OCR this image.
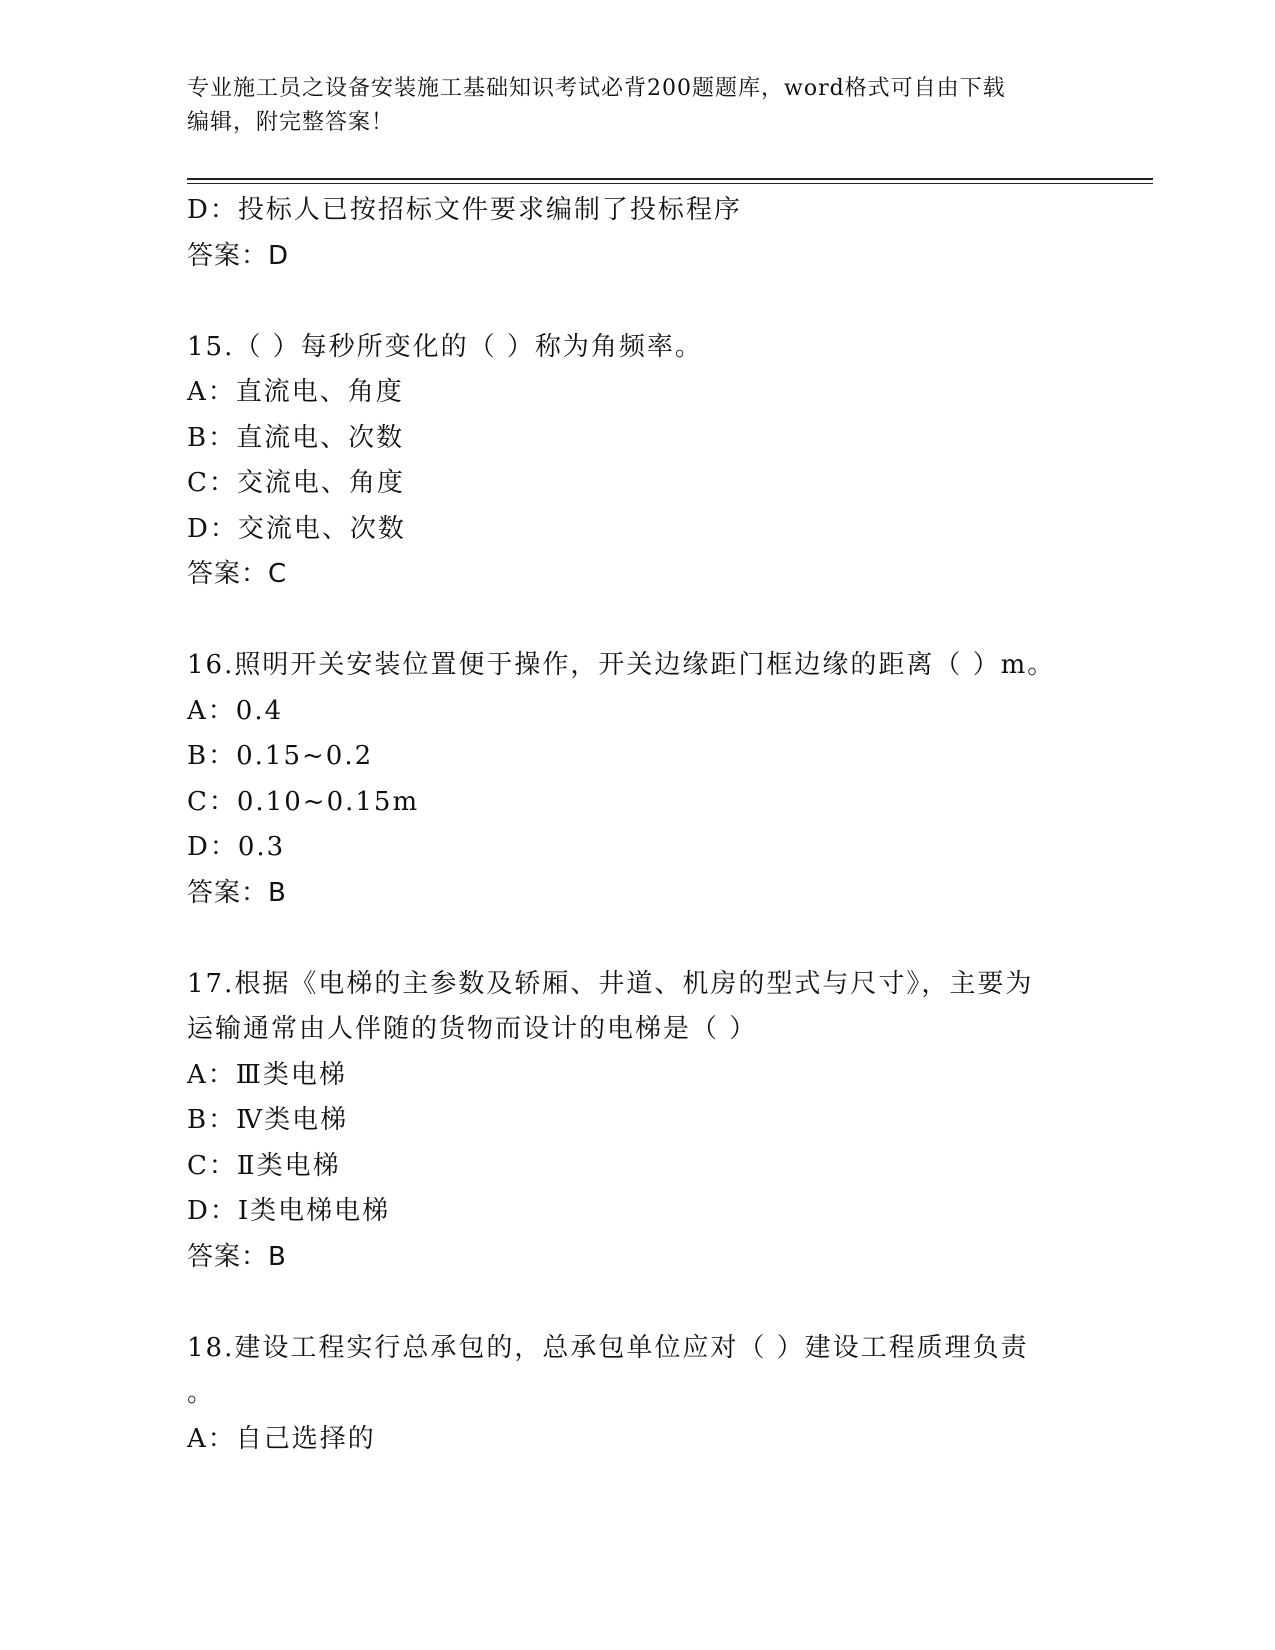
专业施工员之设备安装施工基础知识考试必背200题题库，word格式可自由下载
编辑，附完整答案！
D：投标人已按招标文件要求编制了投标程序
答案：D
15.（ ）每秒所变化的（ ）称为角频率。
A：直流电、角度
B：直流电、次数
C：交流电、角度
D：交流电、次数
答案：C
16.照明开关安装位置便于操作，开关边缘距门框边缘的距离（ ）m。
A：0.4
B：0.15~0.2
C：0.10~0.15m
D：0.3
答案：B
17.根据《电梯的主参数及轿厢、井道、机房的型式与尺寸》，主要为
运输通常由人伴随的货物而设计的电梯是（ ）
A：Ⅲ类电梯
B：Ⅳ类电梯
C：Ⅱ类电梯
D：Ⅰ类电梯电梯
答案：B
18.建设工程实行总承包的，总承包单位应对（ ）建设工程质理负责
。
A：自己选择的
